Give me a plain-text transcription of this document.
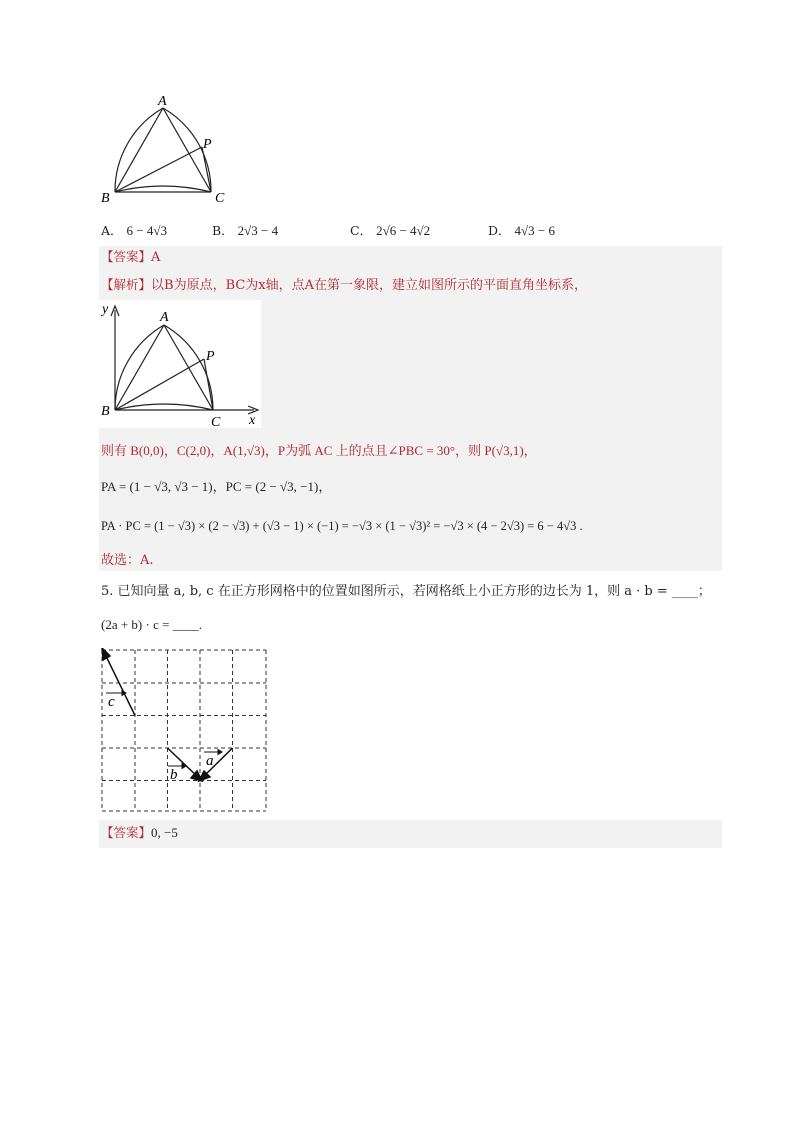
A
P
B	C
A． 6 − 4√3	B． 2√3 − 4	C． 2√6 − 4√2	D． 4√3 − 6
【答案】A
【解析】以B为原点，BC为x轴，点A在第一象限，建立如图所示的平面直角坐标系，
A
P
B
C x
y
则有 B(0,0)，C(2,0)，A(1,√3)，P为弧 AC 上的点且∠PBC = 30°，则 P(√3,1)，
PA = (1 − √3, √3 − 1)，PC = (2 − √3, −1)，
PA · PC = (1 − √3) × (2 − √3) + (√3 − 1) × (−1) = −√3 × (1 − √3)² = −√3 × (4 − 2√3) = 6 − 4√3 .
故选：A.
5. 已知向量 a, b, c 在正方形网格中的位置如图所示，若网格纸上小正方形的边长为 1，则 a · b = ____；
(2a + b) · c = ____.
c
b
a
【答案】0, −5
